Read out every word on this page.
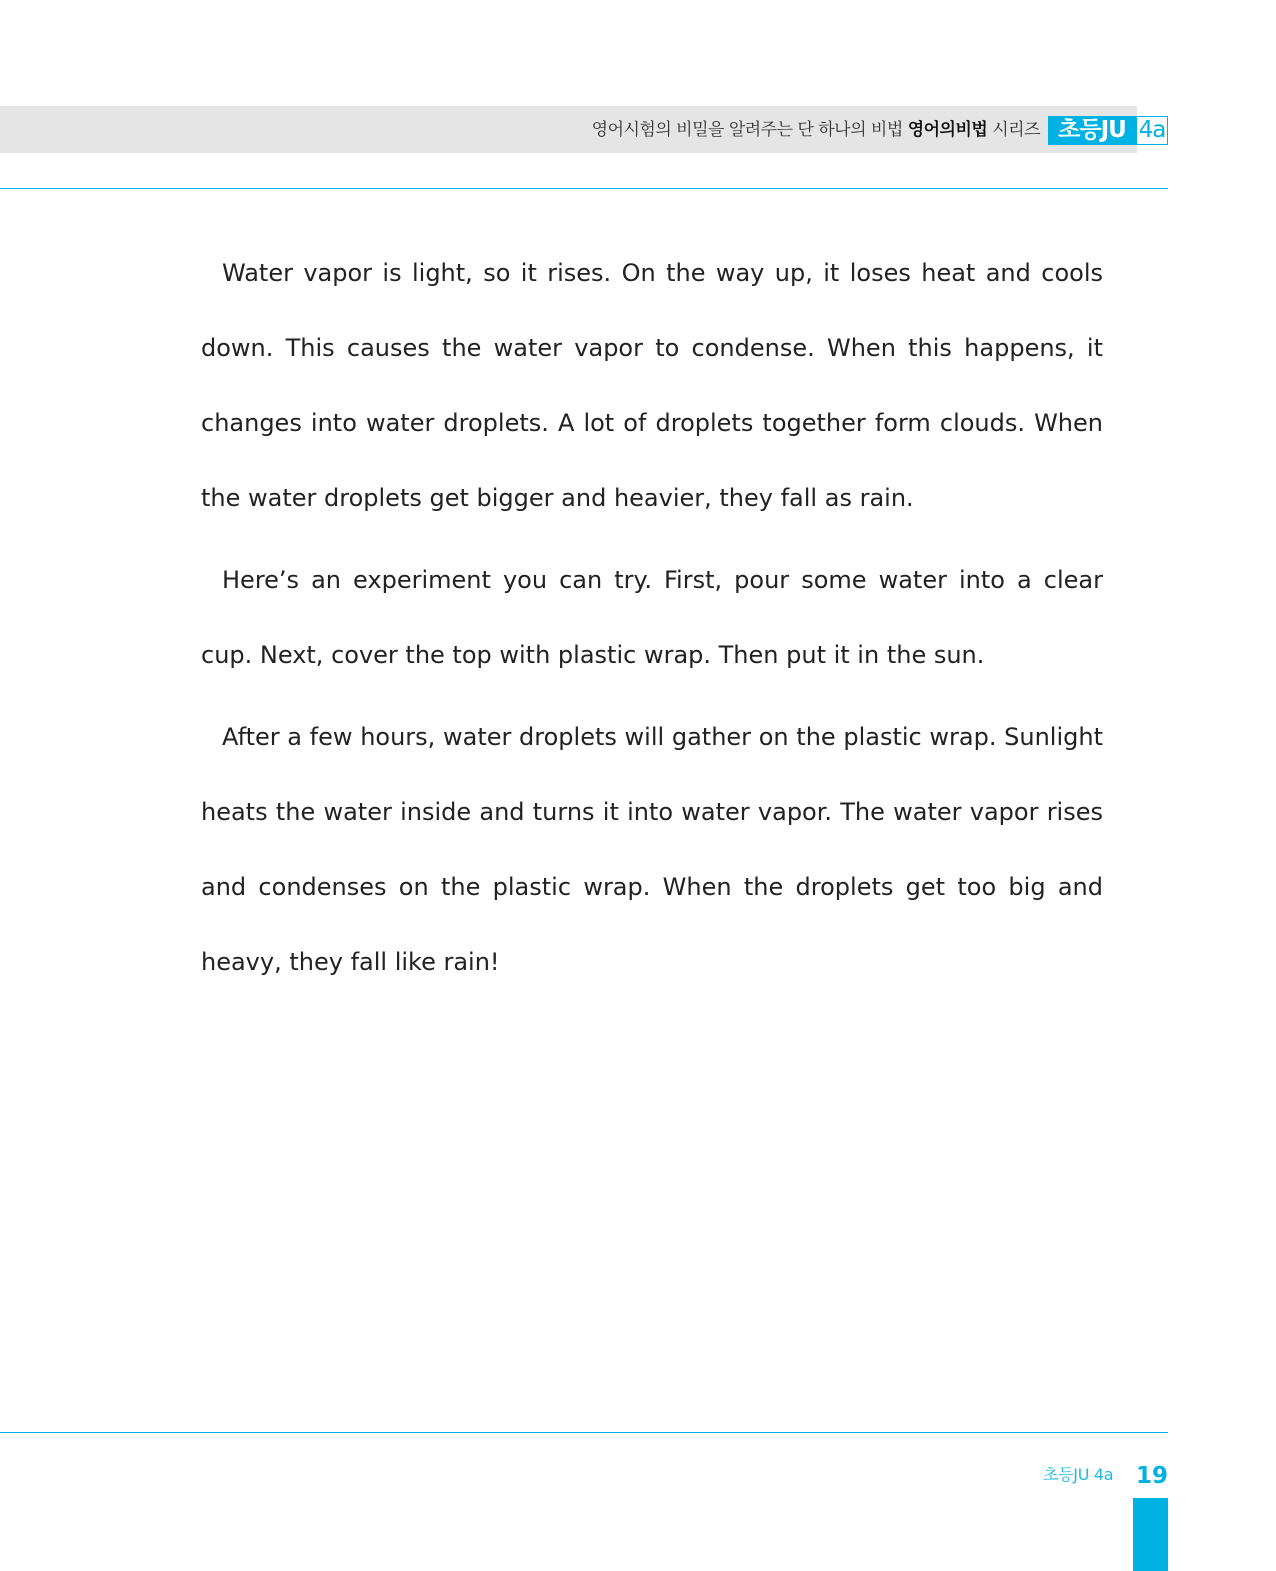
영어시험의 비밀을 알려주는 단 하나의 비법 영어의비법 시리즈 초등JU 4a

Water vapor is light, so it rises. On the way up, it loses heat and cools down. This causes the water vapor to condense. When this happens, it changes into water droplets. A lot of droplets together form clouds. When the water droplets get bigger and heavier, they fall as rain.

Here’s an experiment you can try. First, pour some water into a clear cup. Next, cover the top with plastic wrap. Then put it in the sun.

After a few hours, water droplets will gather on the plastic wrap. Sunlight heats the water inside and turns it into water vapor. The water vapor rises and condenses on the plastic wrap. When the droplets get too big and heavy, they fall like rain!

초등JU 4a 19
